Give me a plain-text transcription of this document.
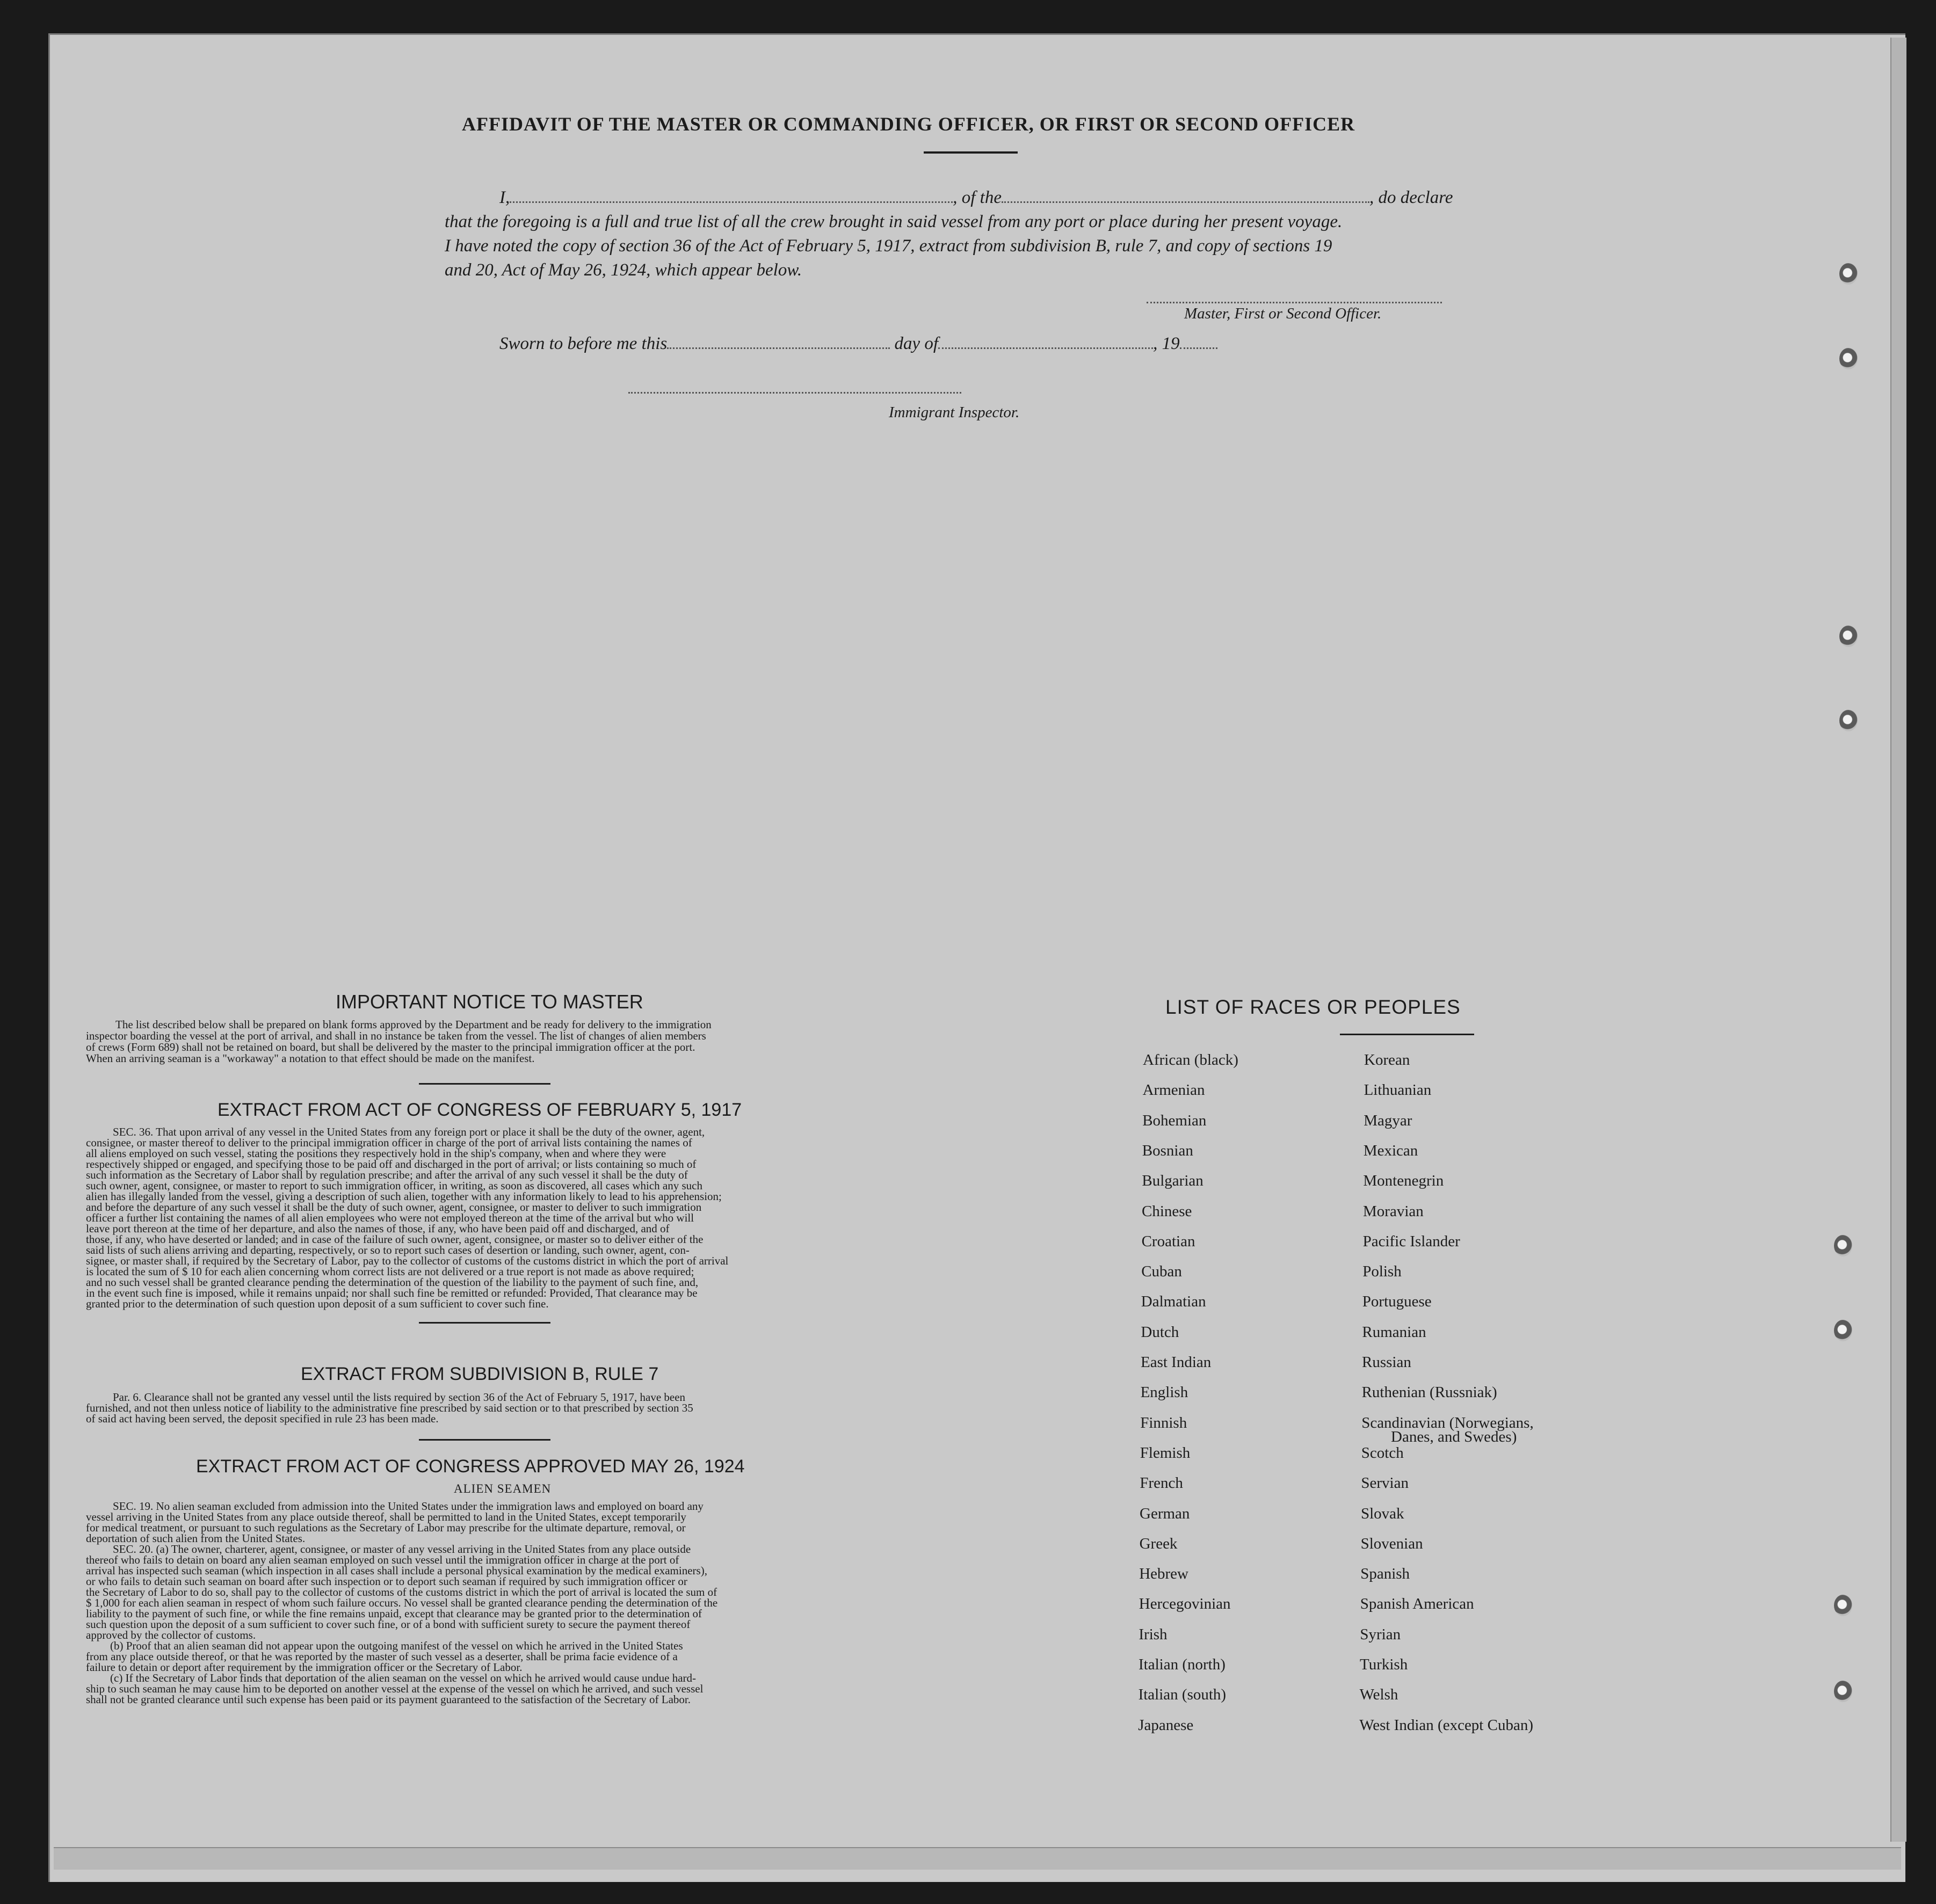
AFFIDAVIT OF THE MASTER OR COMMANDING OFFICER, OR FIRST OR SECOND OFFICER
I,	, of the	, do declare
that the foregoing is a full and true list of all the crew brought in said vessel from any port or place during her present voyage.
I have noted the copy of section 36 of the Act of February 5, 1917, extract from subdivision B, rule 7, and copy of sections 19
and 20, Act of May 26, 1924, which appear below.
Master, First or Second Officer.
Sworn to before me this	day of	, 19
Immigrant Inspector.
IMPORTANT NOTICE TO MASTER

The list described below shall be prepared on blank forms approved by the Department and be ready for delivery to the immigration

inspector boarding the vessel at the port of arrival, and shall in no instance be taken from the vessel. The list of changes of alien members

of crews (Form 689) shall not be retained on board, but shall be delivered by the master to the principal immigration officer at the port.

When an arriving seaman is a "workaway" a notation to that effect should be made on the manifest.

EXTRACT FROM ACT OF CONGRESS OF FEBRUARY 5, 1917

SEC. 36. That upon arrival of any vessel in the United States from any foreign port or place it shall be the duty of the owner, agent,

consignee, or master thereof to deliver to the principal immigration officer in charge of the port of arrival lists containing the names of

all aliens employed on such vessel, stating the positions they respectively hold in the ship's company, when and where they were

respectively shipped or engaged, and specifying those to be paid off and discharged in the port of arrival; or lists containing so much of

such information as the Secretary of Labor shall by regulation prescribe; and after the arrival of any such vessel it shall be the duty of

such owner, agent, consignee, or master to report to such immigration officer, in writing, as soon as discovered, all cases which any such

alien has illegally landed from the vessel, giving a description of such alien, together with any information likely to lead to his apprehension;

and before the departure of any such vessel it shall be the duty of such owner, agent, consignee, or master to deliver to such immigration

officer a further list containing the names of all alien employees who were not employed thereon at the time of the arrival but who will

leave port thereon at the time of her departure, and also the names of those, if any, who have been paid off and discharged, and of

those, if any, who have deserted or landed; and in case of the failure of such owner, agent, consignee, or master so to deliver either of the

said lists of such aliens arriving and departing, respectively, or so to report such cases of desertion or landing, such owner, agent, con-

signee, or master shall, if required by the Secretary of Labor, pay to the collector of customs of the customs district in which the port of arrival

is located the sum of $ 10 for each alien concerning whom correct lists are not delivered or a true report is not made as above required;

and no such vessel shall be granted clearance pending the determination of the question of the liability to the payment of such fine, and,

in the event such fine is imposed, while it remains unpaid; nor shall such fine be remitted or refunded: Provided, That clearance may be

granted prior to the determination of such question upon deposit of a sum sufficient to cover such fine.

EXTRACT FROM SUBDIVISION B, RULE 7

Par. 6. Clearance shall not be granted any vessel until the lists required by section 36 of the Act of February 5, 1917, have been

furnished, and not then unless notice of liability to the administrative fine prescribed by said section or to that prescribed by section 35

of said act having been served, the deposit specified in rule 23 has been made.

EXTRACT FROM ACT OF CONGRESS APPROVED MAY 26, 1924
ALIEN SEAMEN

SEC. 19. No alien seaman excluded from admission into the United States under the immigration laws and employed on board any

vessel arriving in the United States from any place outside thereof, shall be permitted to land in the United States, except temporarily

for medical treatment, or pursuant to such regulations as the Secretary of Labor may prescribe for the ultimate departure, removal, or

deportation of such alien from the United States.

SEC. 20. (a) The owner, charterer, agent, consignee, or master of any vessel arriving in the United States from any place outside

thereof who fails to detain on board any alien seaman employed on such vessel until the immigration officer in charge at the port of

arrival has inspected such seaman (which inspection in all cases shall include a personal physical examination by the medical examiners),

or who fails to detain such seaman on board after such inspection or to deport such seaman if required by such immigration officer or

the Secretary of Labor to do so, shall pay to the collector of customs of the customs district in which the port of arrival is located the sum of

$ 1,000 for each alien seaman in respect of whom such failure occurs. No vessel shall be granted clearance pending the determination of the

liability to the payment of such fine, or while the fine remains unpaid, except that clearance may be granted prior to the determination of

such question upon the deposit of a sum sufficient to cover such fine, or of a bond with sufficient surety to secure the payment thereof

approved by the collector of customs.

(b) Proof that an alien seaman did not appear upon the outgoing manifest of the vessel on which he arrived in the United States

from any place outside thereof, or that he was reported by the master of such vessel as a deserter, shall be prima facie evidence of a

failure to detain or deport after requirement by the immigration officer or the Secretary of Labor.

(c) If the Secretary of Labor finds that deportation of the alien seaman on the vessel on which he arrived would cause undue hard-

ship to such seaman he may cause him to be deported on another vessel at the expense of the vessel on which he arrived, and such vessel

shall not be granted clearance until such expense has been paid or its payment guaranteed to the satisfaction of the Secretary of Labor.

LIST OF RACES OR PEOPLES
African (black)
Armenian
Bohemian
Bosnian
Bulgarian
Chinese
Croatian
Cuban
Dalmatian
Dutch
East Indian
English
Finnish
Flemish
French
German
Greek
Hebrew
Hercegovinian
Irish
Italian (north)
Italian (south)
Japanese
Korean
Lithuanian
Magyar
Mexican
Montenegrin
Moravian
Pacific Islander
Polish
Portuguese
Rumanian
Russian
Ruthenian (Russniak)
Scandinavian (Norwegians,
Scotch
Servian
Slovak
Slovenian
Spanish
Spanish American
Syrian
Turkish
Welsh
West Indian (except Cuban)
Danes, and Swedes)
